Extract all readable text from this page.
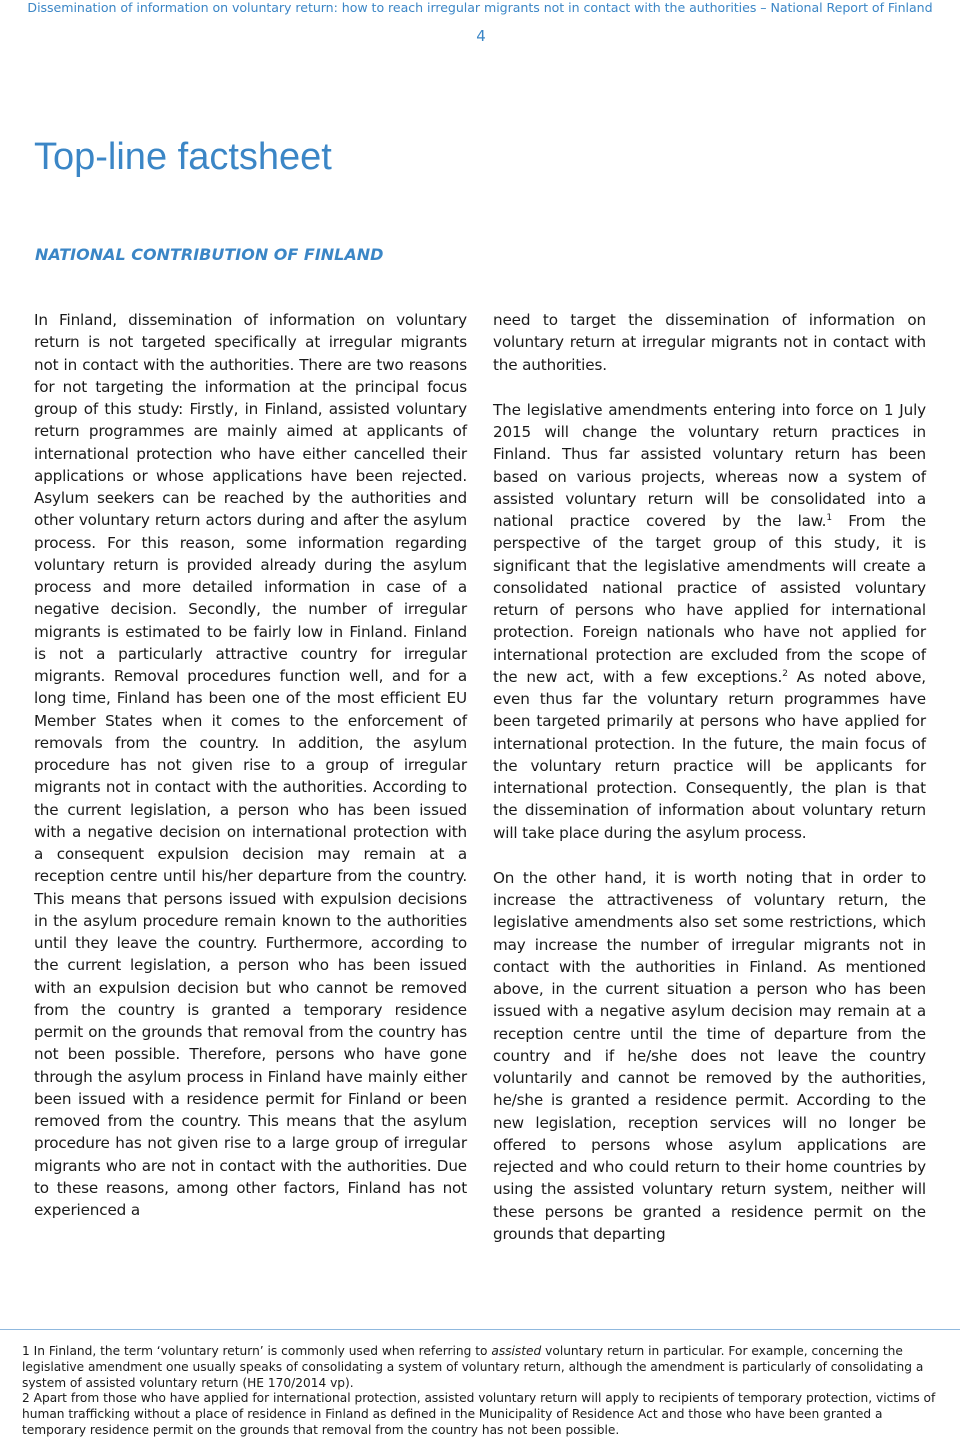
Dissemination of information on voluntary return: how to reach irregular migrants not in contact with the authorities – National Report of Finland
4
Top-line factsheet
NATIONAL CONTRIBUTION OF FINLAND

In Finland, dissemination of information on voluntary return is not targeted specifically at irregular migrants not in contact with the authorities. There are two reasons for not targeting the information at the principal focus group of this study: Firstly, in Finland, assisted voluntary return programmes are mainly aimed at applicants of international protection who have either cancelled their applications or whose applications have been rejected. Asylum seekers can be reached by the authorities and other voluntary return actors during and after the asylum process. For this reason, some information regarding voluntary return is provided already during the asylum process and more detailed information in case of a negative decision. Secondly, the number of irregular migrants is estimated to be fairly low in Finland. Finland is not a particularly attractive country for irregular migrants. Removal procedures function well, and for a long time, Finland has been one of the most efficient EU Member States when it comes to the enforcement of removals from the country. In addition, the asylum procedure has not given rise to a group of irregular migrants not in contact with the authorities. According to the current legislation, a person who has been issued with a negative decision on international protection with a consequent expulsion decision may remain at a reception centre until his/her departure from the country. This means that persons issued with expulsion decisions in the asylum procedure remain known to the authorities until they leave the country. Furthermore, according to the current legislation, a person who has been issued with an expulsion decision but who cannot be removed from the country is granted a temporary residence permit on the grounds that removal from the country has not been possible. Therefore, persons who have gone through the asylum process in Finland have mainly either been issued with a residence permit for Finland or been removed from the country. This means that the asylum procedure has not given rise to a large group of irregular migrants who are not in contact with the authorities. Due to these reasons, among other factors, Finland has not experienced a

need to target the dissemination of information on voluntary return at irregular migrants not in contact with the authorities.

The legislative amendments entering into force on 1 July 2015 will change the voluntary return practices in Finland. Thus far assisted voluntary return has been based on various projects, whereas now a system of assisted voluntary return will be consolidated into a national practice covered by the law.$^1$ From the perspective of the target group of this study, it is significant that the legislative amendments will create a consolidated national practice of assisted voluntary return of persons who have applied for international protection. Foreign nationals who have not applied for international protection are excluded from the scope of the new act, with a few exceptions.$^2$ As noted above, even thus far the voluntary return programmes have been targeted primarily at persons who have applied for international protection. In the future, the main focus of the voluntary return practice will be applicants for international protection. Consequently, the plan is that the dissemination of information about voluntary return will take place during the asylum process.

On the other hand, it is worth noting that in order to increase the attractiveness of voluntary return, the legislative amendments also set some restrictions, which may increase the number of irregular migrants not in contact with the authorities in Finland. As mentioned above, in the current situation a person who has been issued with a negative asylum decision may remain at a reception centre until the time of departure from the country and if he/she does not leave the country voluntarily and cannot be removed by the authorities, he/she is granted a residence permit. According to the new legislation, reception services will no longer be offered to persons whose asylum applications are rejected and who could return to their home countries by using the assisted voluntary return system, neither will these persons be granted a residence permit on the grounds that departing

1 In Finland, the term ‘voluntary return’ is commonly used when referring to assisted voluntary return in particular. For example, concerning the legislative amendment one usually speaks of consolidating a system of voluntary return, although the amendment is particularly of consolidating a system of assisted voluntary return (HE 170/2014 vp).

2 Apart from those who have applied for international protection, assisted voluntary return will apply to recipients of temporary protection, victims of human trafficking without a place of residence in Finland as defined in the Municipality of Residence Act and those who have been granted a temporary residence permit on the grounds that removal from the country has not been possible.
